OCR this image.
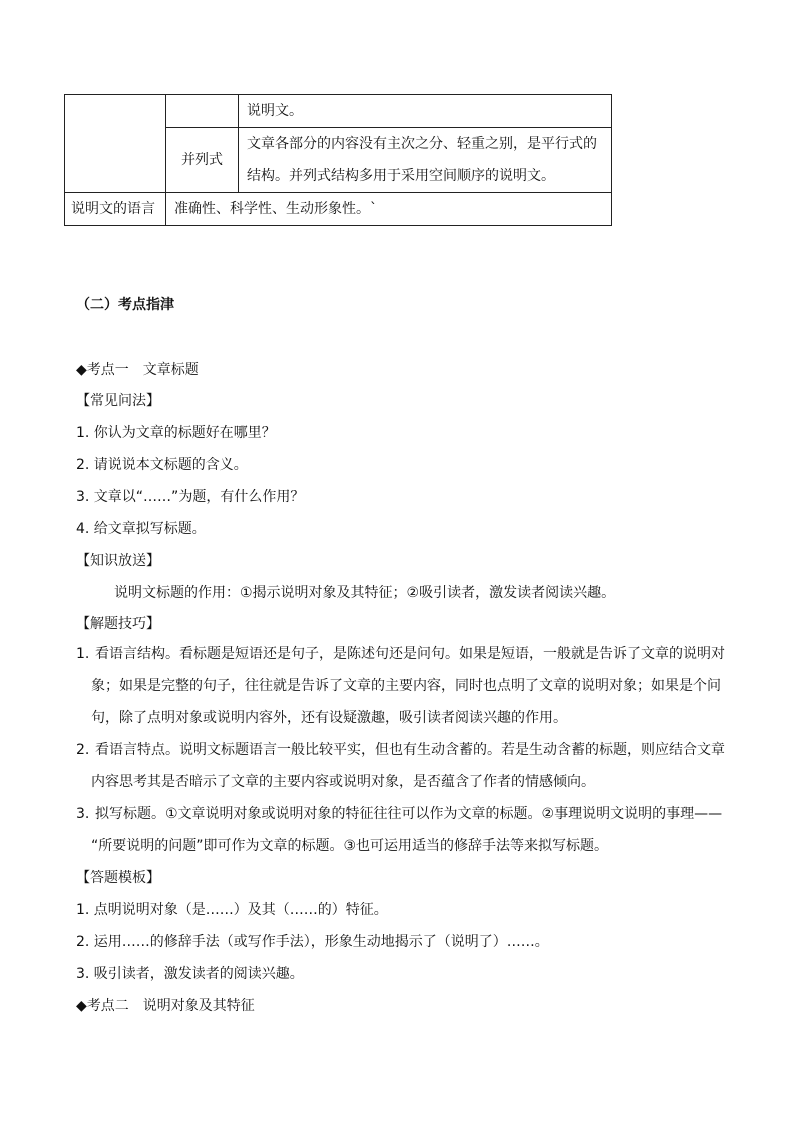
		说明文。
	并列式	文章各部分的内容没有主次之分、轻重之别，是平行式的
结构。并列式结构多用于采用空间顺序的说明文。

说明文的语言	准确性、科学性、生动形象性。`	
（二）考点指津
◆考点一　文章标题
【常见问法】
1. 你认为文章的标题好在哪里？
2. 请说说本文标题的含义。
3. 文章以“……”为题，有什么作用？
4. 给文章拟写标题。
【知识放送】
说明文标题的作用：①揭示说明对象及其特征；②吸引读者，激发读者阅读兴趣。
【解题技巧】
1. 看语言结构。看标题是短语还是句子，是陈述句还是问句。如果是短语，一般就是告诉了文章的说明对
象；如果是完整的句子，往往就是告诉了文章的主要内容，同时也点明了文章的说明对象；如果是个问
句，除了点明对象或说明内容外，还有设疑激趣，吸引读者阅读兴趣的作用。
2. 看语言特点。说明文标题语言一般比较平实，但也有生动含蓄的。若是生动含蓄的标题，则应结合文章
内容思考其是否暗示了文章的主要内容或说明对象，是否蕴含了作者的情感倾向。
3. 拟写标题。①文章说明对象或说明对象的特征往往可以作为文章的标题。②事理说明文说明的事理——
“所要说明的问题”即可作为文章的标题。③也可运用适当的修辞手法等来拟写标题。
【答题模板】
1. 点明说明对象（是……）及其（……的）特征。
2. 运用……的修辞手法（或写作手法），形象生动地揭示了（说明了）……。
3. 吸引读者，激发读者的阅读兴趣。
◆考点二　说明对象及其特征
